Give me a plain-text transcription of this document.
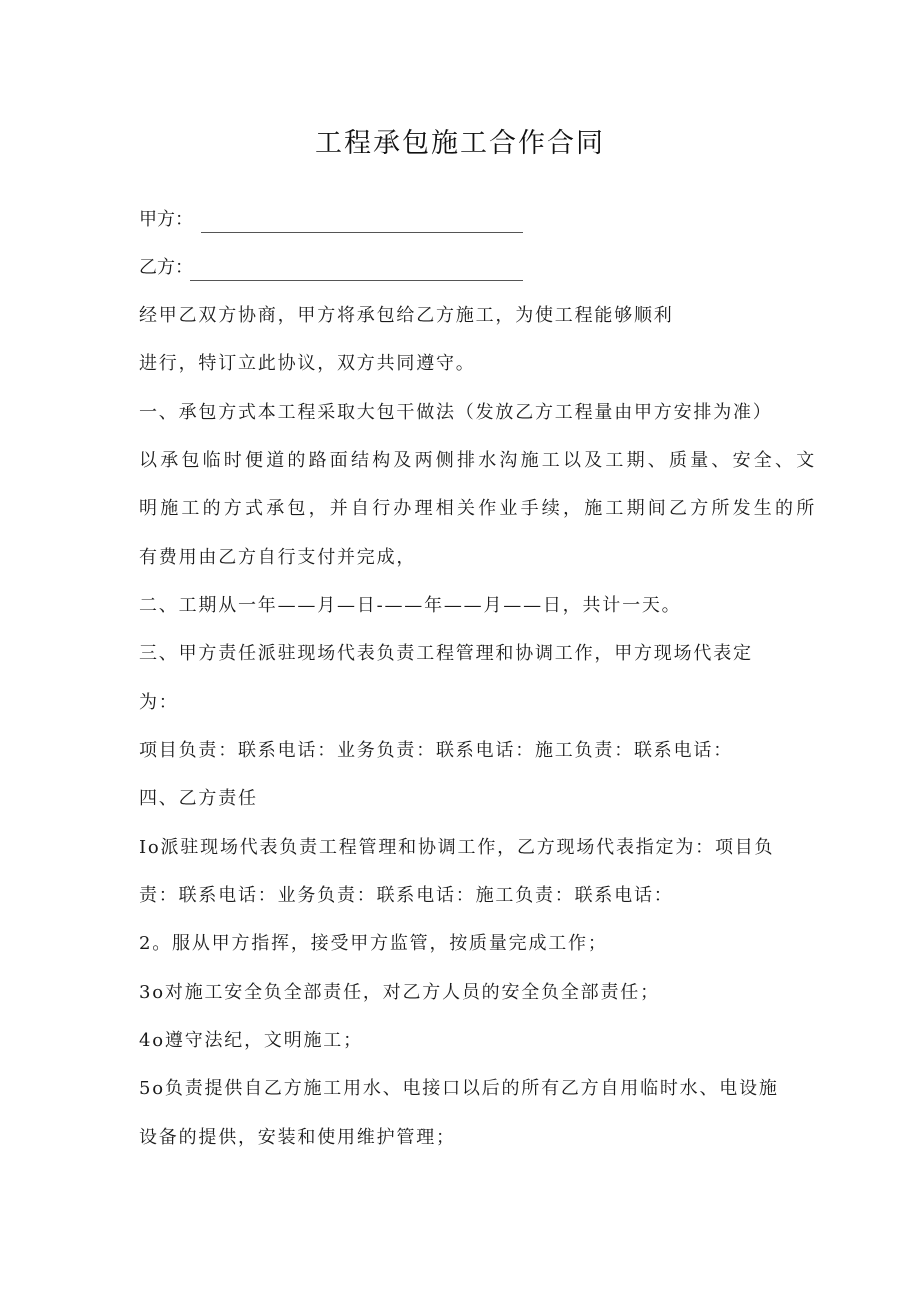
工程承包施工合作合同
甲方：
乙方：
经甲乙双方协商，甲方将承包给乙方施工，为使工程能够顺利
进行，特订立此协议，双方共同遵守。
一、承包方式本工程采取大包干做法（发放乙方工程量由甲方安排为准）
以承包临时便道的路面结构及两侧排水沟施工以及工期、质量、安全、文
明施工的方式承包，并自行办理相关作业手续，施工期间乙方所发生的所
有费用由乙方自行支付并完成，
二、工期从一年——月—日-——年——月——日，共计一天。
三、甲方责任派驻现场代表负责工程管理和协调工作，甲方现场代表定
为：
项目负责：联系电话：业务负责：联系电话：施工负责：联系电话：
四、乙方责任
Io派驻现场代表负责工程管理和协调工作，乙方现场代表指定为：项目负
责：联系电话：业务负责：联系电话：施工负责：联系电话：
2。服从甲方指挥，接受甲方监管，按质量完成工作；
3o对施工安全负全部责任，对乙方人员的安全负全部责任；
4o遵守法纪，文明施工；
5o负责提供自乙方施工用水、电接口以后的所有乙方自用临时水、电设施
设备的提供，安装和使用维护管理；
